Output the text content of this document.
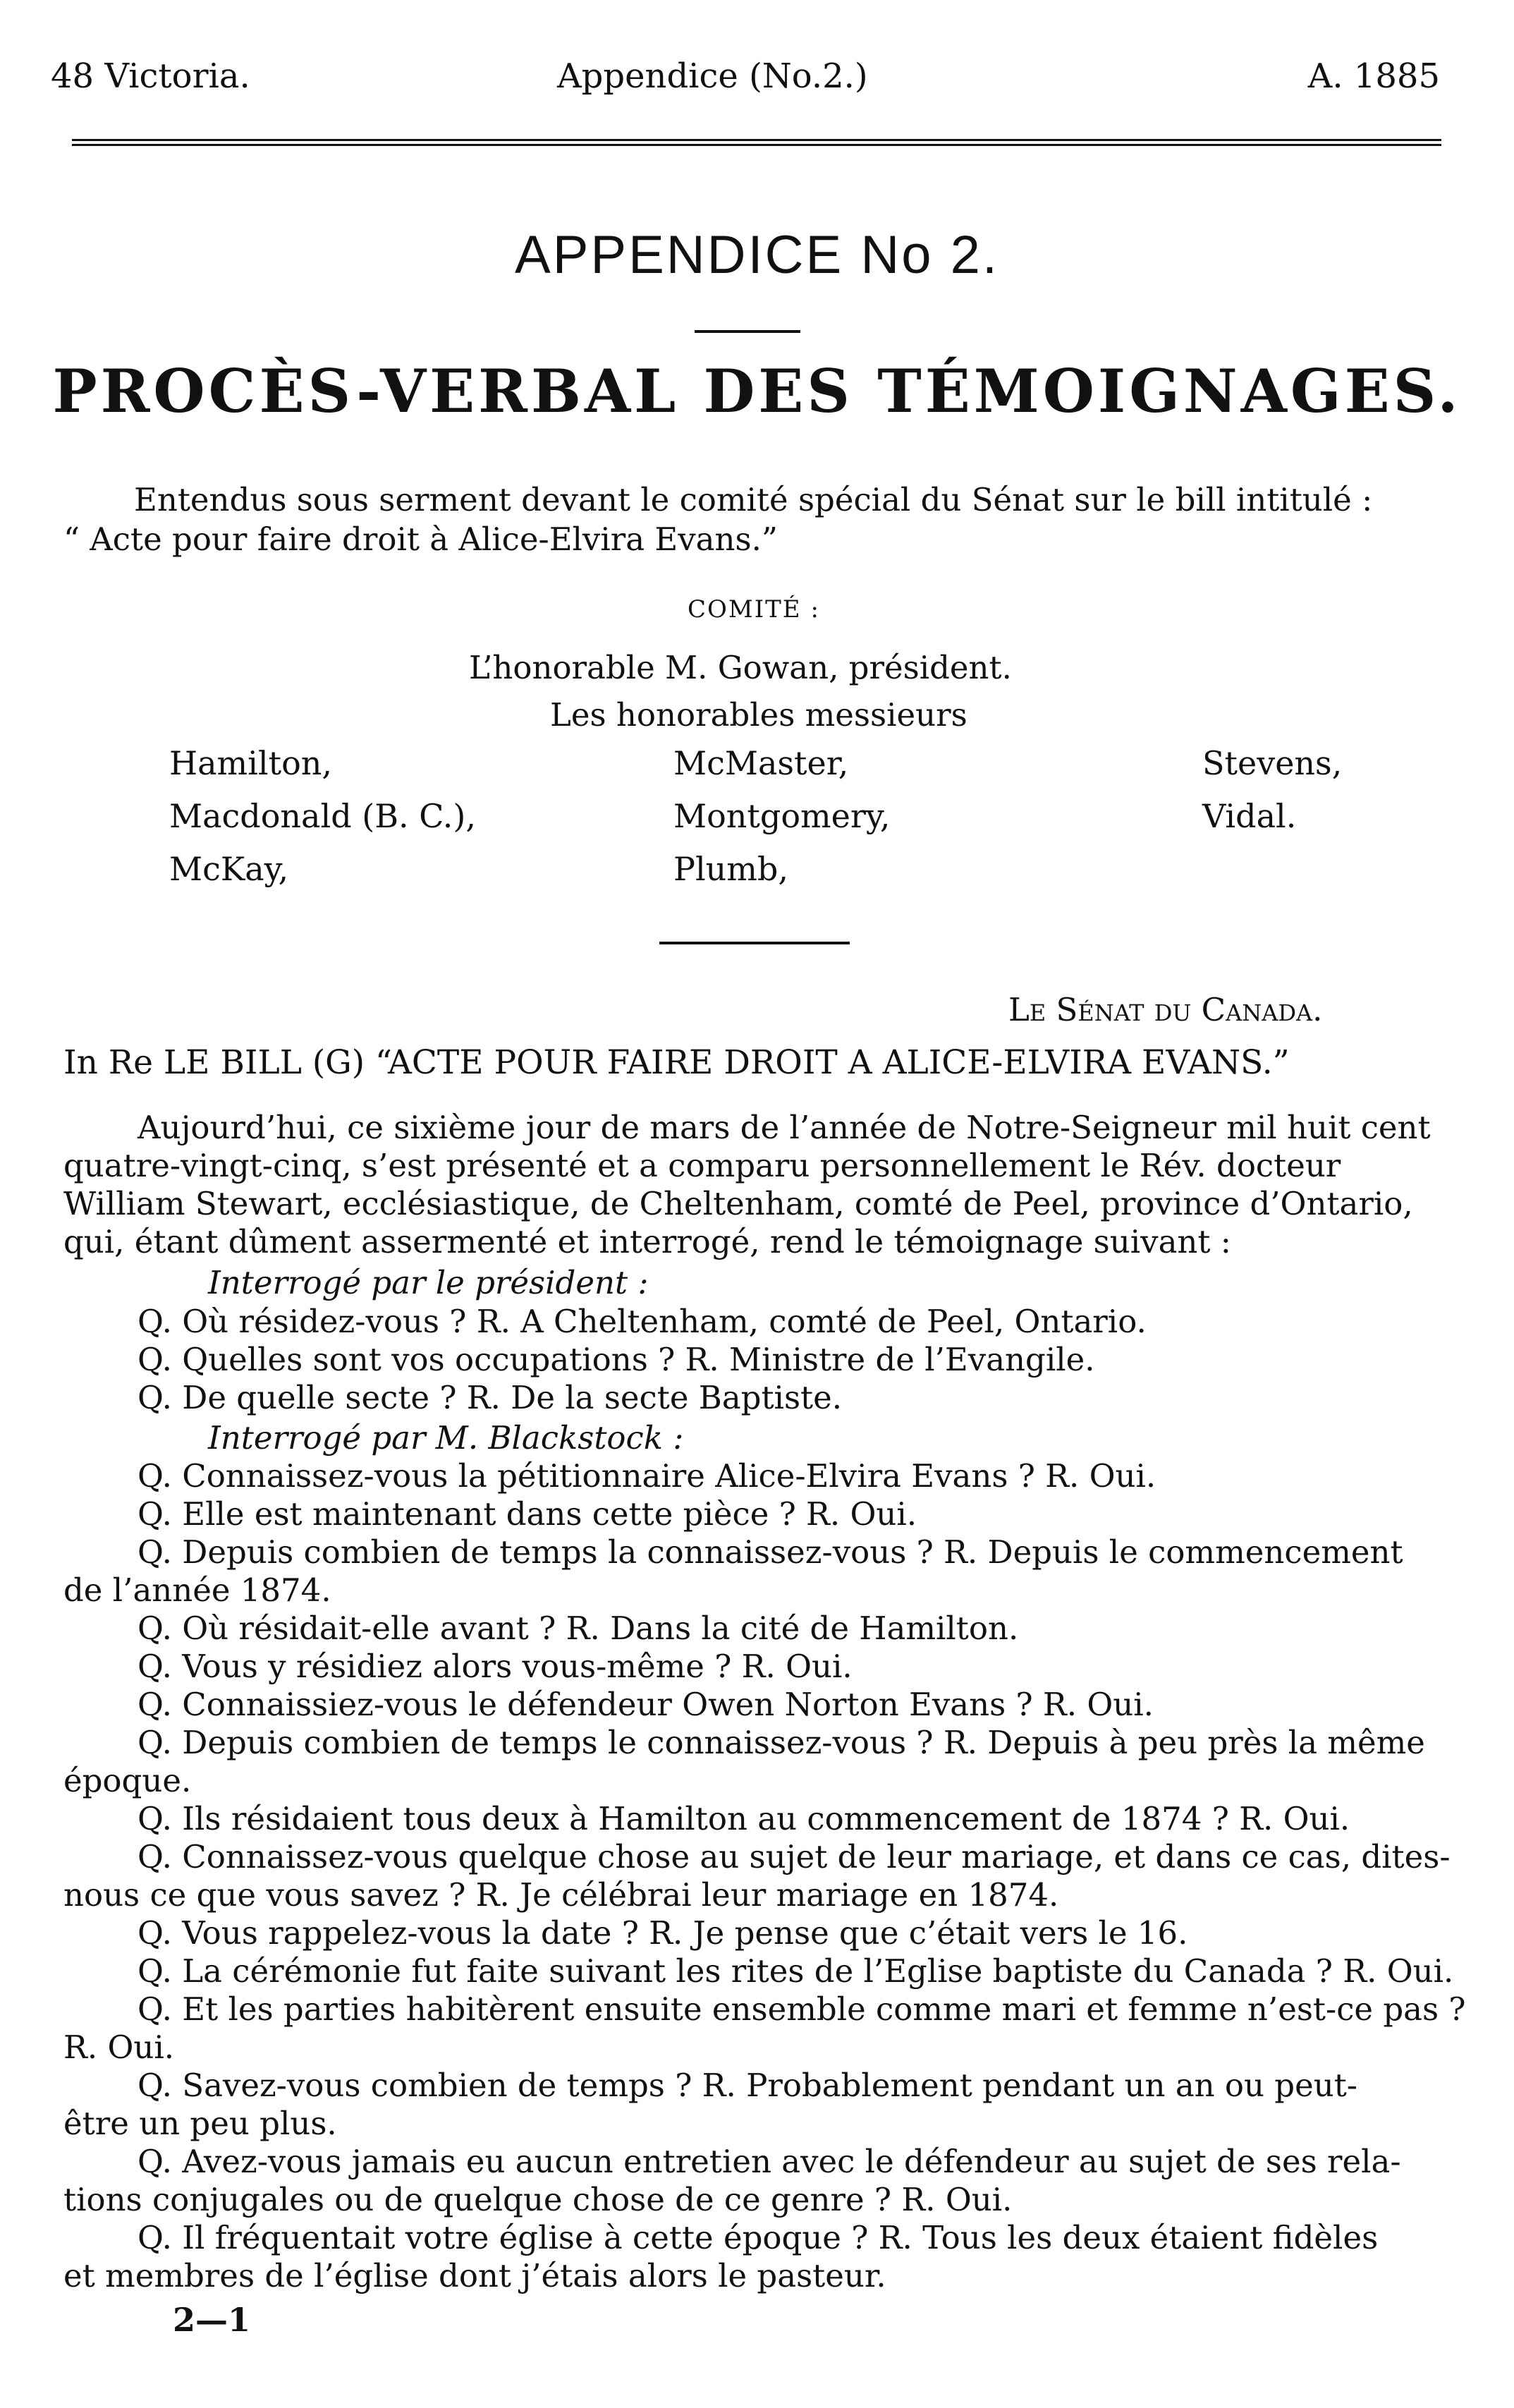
48 Victoria.	Appendice (No.2.)	A. 1885
APPENDICE No 2.
PROCÈS-VERBAL DES TÉMOIGNAGES.
Entendus sous serment devant le comité spécial du Sénat sur le bill intitulé :
“ Acte pour faire droit à Alice-Elvira Evans.”
COMITÉ :
L’honorable M. Gowan, président.
Les honorables messieurs
Hamilton,
Macdonald (B. C.),
McKay,
McMaster,
Montgomery,
Plumb,
Stevens,
Vidal.
Le Sénat du Canada.
In Re LE BILL (G) “ACTE POUR FAIRE DROIT A ALICE-ELVIRA EVANS.”
Aujourd’hui, ce sixième jour de mars de l’année de Notre-Seigneur mil huit cent
quatre-vingt-cinq, s’est présenté et a comparu personnellement le Rév. docteur
William Stewart, ecclésiastique, de Cheltenham, comté de Peel, province d’Ontario,
qui, étant dûment assermenté et interrogé, rend le témoignage suivant :
Interrogé par le président :
Q. Où résidez-vous ? R. A Cheltenham, comté de Peel, Ontario.
Q. Quelles sont vos occupations ? R. Ministre de l’Evangile.
Q. De quelle secte ? R. De la secte Baptiste.
Interrogé par M. Blackstock :
Q. Connaissez-vous la pétitionnaire Alice-Elvira Evans ? R. Oui.
Q. Elle est maintenant dans cette pièce ? R. Oui.
Q. Depuis combien de temps la connaissez-vous ? R. Depuis le commencement
de l’année 1874.
Q. Où résidait-elle avant ? R. Dans la cité de Hamilton.
Q. Vous y résidiez alors vous-même ? R. Oui.
Q. Connaissiez-vous le défendeur Owen Norton Evans ? R. Oui.
Q. Depuis combien de temps le connaissez-vous ? R. Depuis à peu près la même
époque.
Q. Ils résidaient tous deux à Hamilton au commencement de 1874 ? R. Oui.
Q. Connaissez-vous quelque chose au sujet de leur mariage, et dans ce cas, dites-
nous ce que vous savez ? R. Je célébrai leur mariage en 1874.
Q. Vous rappelez-vous la date ? R. Je pense que c’était vers le 16.
Q. La cérémonie fut faite suivant les rites de l’Eglise baptiste du Canada ? R. Oui.
Q. Et les parties habitèrent ensuite ensemble comme mari et femme n’est-ce pas ?
R. Oui.
Q. Savez-vous combien de temps ? R. Probablement pendant un an ou peut-
être un peu plus.
Q. Avez-vous jamais eu aucun entretien avec le défendeur au sujet de ses rela-
tions conjugales ou de quelque chose de ce genre ? R. Oui.
Q. Il fréquentait votre église à cette époque ? R. Tous les deux étaient fidèles
et membres de l’église dont j’étais alors le pasteur.
2—1
